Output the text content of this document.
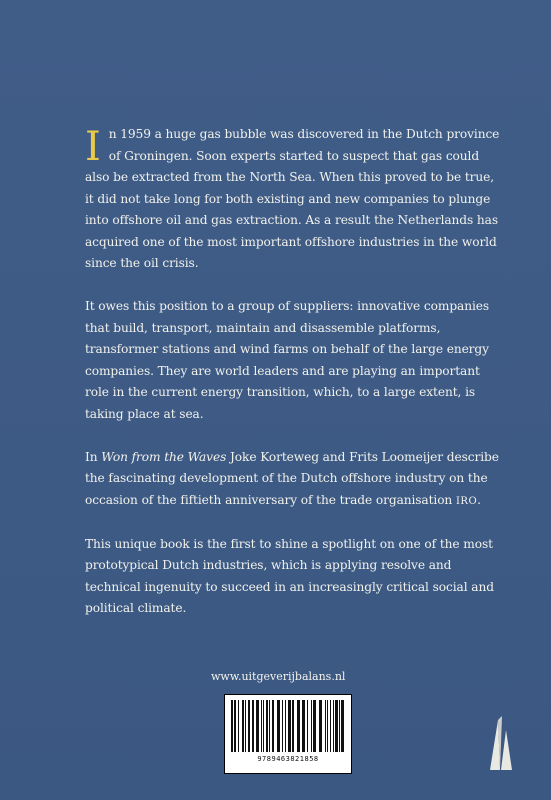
In 1959 a huge gas bubble was discovered in the Dutch province of Groningen. Soon experts started to suspect that gas could also be extracted from the North Sea. When this proved to be true, it did not take long for both existing and new companies to plunge into offshore oil and gas extraction. As a result the Netherlands has acquired one of the most important offshore industries in the world since the oil crisis.

It owes this position to a group of suppliers: innovative companies that build, transport, maintain and disassemble platforms, transformer stations and wind farms on behalf of the large energy companies. They are world leaders and are playing an important role in the current energy transition, which, to a large extent, is taking place at sea.

In Won from the Waves Joke Korteweg and Frits Loomeijer describe the fascinating development of the Dutch offshore industry on the occasion of the fiftieth anniversary of the trade organisation IRO.

This unique book is the first to shine a spotlight on one of the most prototypical Dutch industries, which is applying resolve and technical ingenuity to succeed in an increasingly critical social and political climate.

www.uitgeverijbalans.nl
9789463821858
